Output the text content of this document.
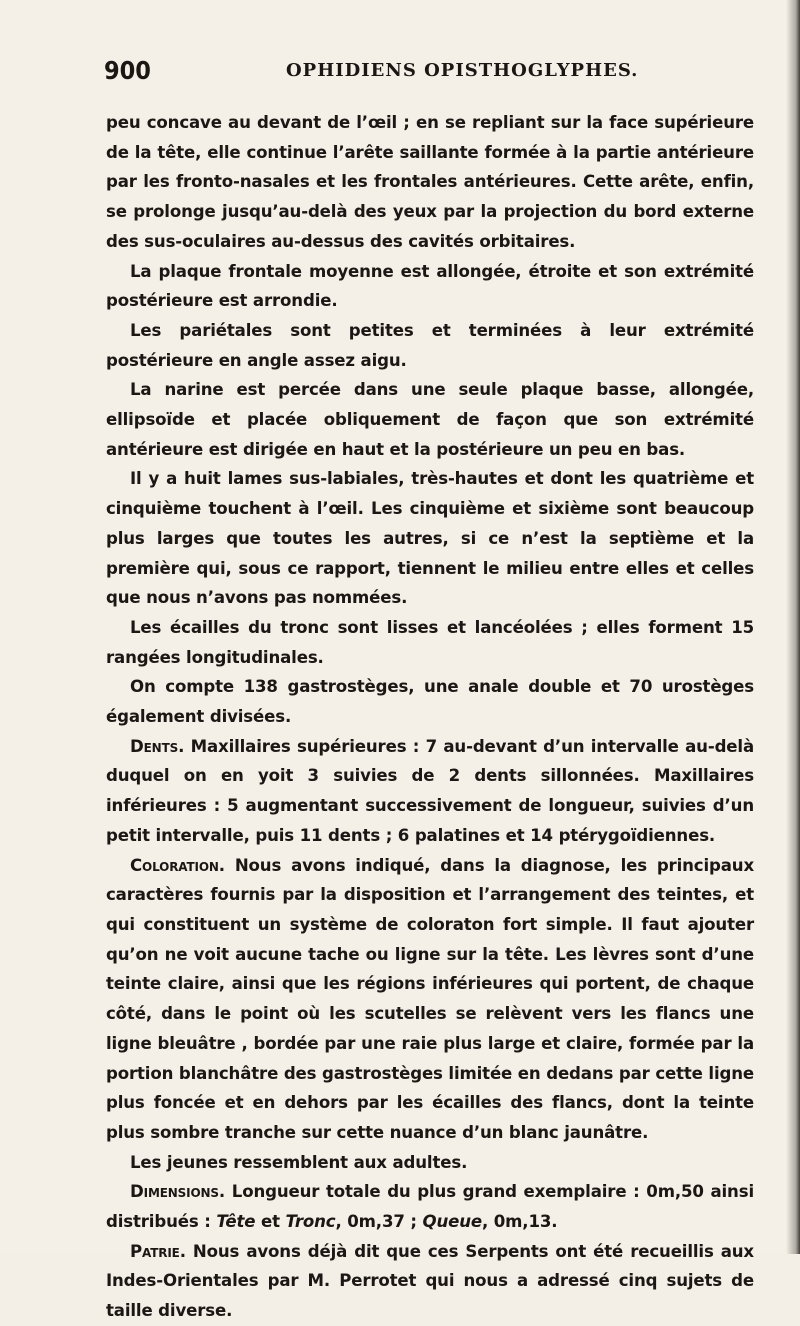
900	OPHIDIENS OPISTHOGLYPHES.

peu concave au devant de l’œil ; en se repliant sur la face supérieure de la tête, elle continue l’arête saillante formée à la partie antérieure par les fronto-nasales et les frontales antérieures. Cette arête, enfin, se prolonge jusqu’au-delà des yeux par la projection du bord externe des sus-oculaires au-dessus des cavités orbitaires.

La plaque frontale moyenne est allongée, étroite et son extrémité postérieure est arrondie.

Les pariétales sont petites et terminées à leur extrémité postérieure en angle assez aigu.

La narine est percée dans une seule plaque basse, allongée, ellipsoïde et placée obliquement de façon que son extrémité antérieure est dirigée en haut et la postérieure un peu en bas.

Il y a huit lames sus-labiales, très-hautes et dont les quatrième et cinquième touchent à l’œil. Les cinquième et sixième sont beaucoup plus larges que toutes les autres, si ce n’est la septième et la première qui, sous ce rapport, tiennent le milieu entre elles et celles que nous n’avons pas nommées.

Les écailles du tronc sont lisses et lancéolées ; elles forment 15 rangées longitudinales.

On compte 138 gastrostèges, une anale double et 70 urostèges également divisées.

Dents. Maxillaires supérieures : 7 au-devant d’un intervalle au-delà duquel on en yoit 3 suivies de 2 dents sillonnées. Maxillaires inférieures : 5 augmentant successivement de longueur, suivies d’un petit intervalle, puis 11 dents ; 6 palatines et 14 ptérygoïdiennes.

Coloration. Nous avons indiqué, dans la diagnose, les principaux caractères fournis par la disposition et l’arrangement des teintes, et qui constituent un système de coloraton fort simple. Il faut ajouter qu’on ne voit aucune tache ou ligne sur la tête. Les lèvres sont d’une teinte claire, ainsi que les régions inférieures qui portent, de chaque côté, dans le point où les scutelles se relèvent vers les flancs une ligne bleuâtre , bordée par une raie plus large et claire, formée par la portion blanchâtre des gastrostèges limitée en dedans par cette ligne plus foncée et en dehors par les écailles des flancs, dont la teinte plus sombre tranche sur cette nuance d’un blanc jaunâtre.

Les jeunes ressemblent aux adultes.

Dimensions. Longueur totale du plus grand exemplaire : 0m,50 ainsi distribués : Tête et Tronc, 0m,37 ; Queue, 0m,13.

Patrie. Nous avons déjà dit que ces Serpents ont été recueillis aux Indes-Orientales par M. Perrotet qui nous a adressé cinq sujets de taille diverse.
